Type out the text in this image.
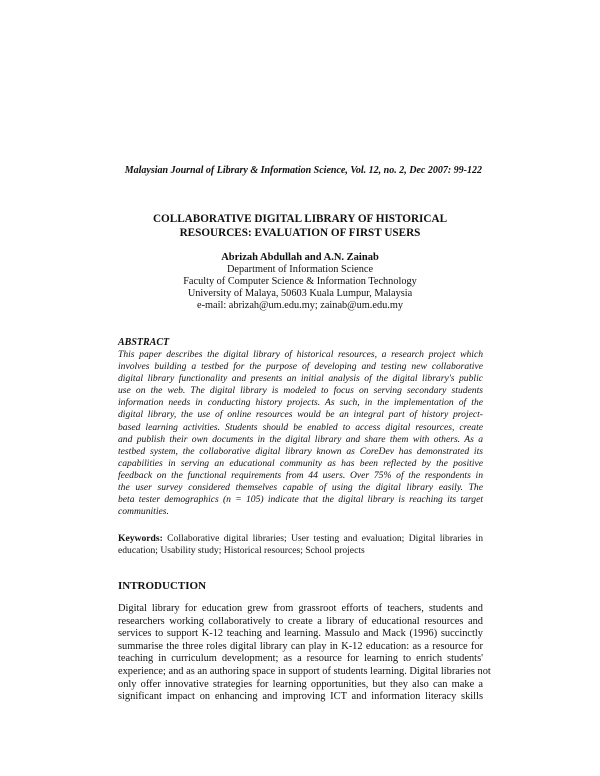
Malaysian Journal of Library & Information Science, Vol. 12, no. 2, Dec 2007: 99-122
COLLABORATIVE DIGITAL LIBRARY OF HISTORICAL
RESOURCES: EVALUATION OF FIRST USERS
Abrizah Abdullah and A.N. Zainab
Department of Information Science
Faculty of Computer Science & Information Technology
University of Malaya, 50603 Kuala Lumpur, Malaysia
e-mail: abrizah@um.edu.my; zainab@um.edu.my
ABSTRACT
This paper describes the digital library of historical resources, a research project which
involves building a testbed for the purpose of developing and testing new collaborative
digital library functionality and presents an initial analysis of the digital library's public
use on the web. The digital library is modeled to focus on serving secondary students
information needs in conducting history projects. As such, in the implementation of the
digital library, the use of online resources would be an integral part of history project-
based learning activities. Students should be enabled to access digital resources, create
and publish their own documents in the digital library and share them with others. As a
testbed system, the collaborative digital library known as CoreDev has demonstrated its
capabilities in serving an educational community as has been reflected by the positive
feedback on the functional requirements from 44 users. Over 75% of the respondents in
the user survey considered themselves capable of using the digital library easily. The
beta tester demographics (n = 105) indicate that the digital library is reaching its target
communities.
Keywords: Collaborative digital libraries; User testing and evaluation; Digital libraries in
education; Usability study; Historical resources; School projects
INTRODUCTION
Digital library for education grew from grassroot efforts of teachers, students and
researchers working collaboratively to create a library of educational resources and
services to support K-12 teaching and learning. Massulo and Mack (1996) succinctly
summarise the three roles digital library can play in K-12 education: as a resource for
teaching in curriculum development; as a resource for learning to enrich students'
experience; and as an authoring space in support of students learning. Digital libraries not
only offer innovative strategies for learning opportunities, but they also can make a
significant impact on enhancing and improving ICT and information literacy skills
